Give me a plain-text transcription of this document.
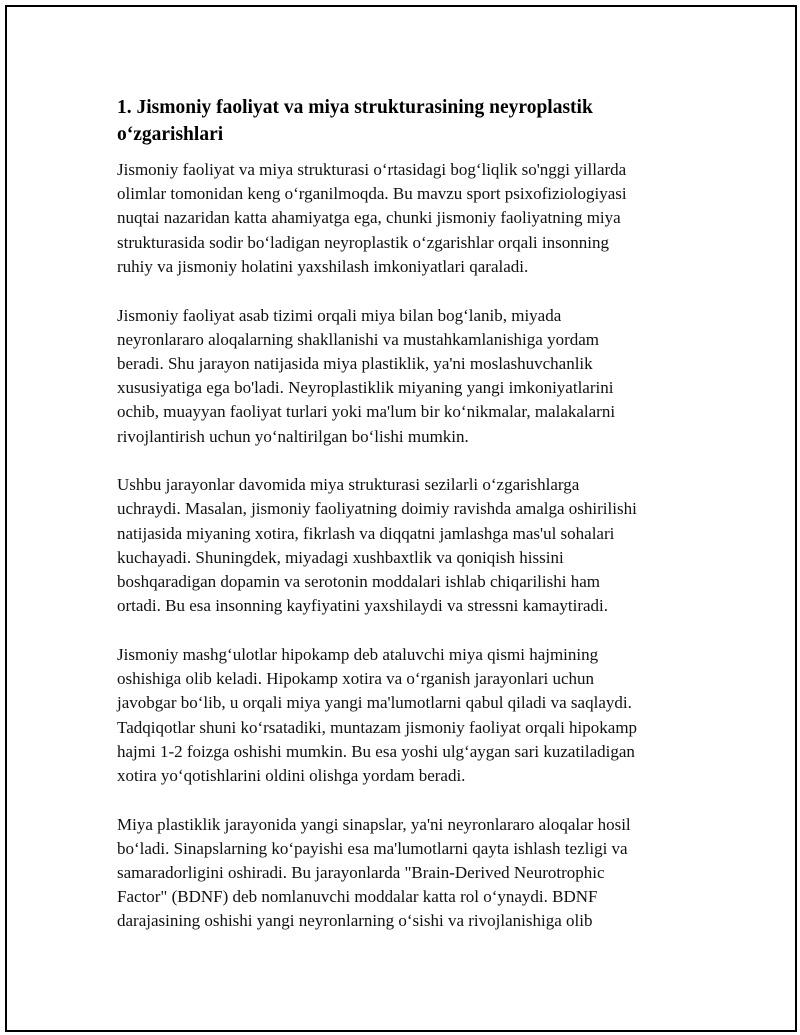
1. Jismoniy faoliyat va miya strukturasining neyroplastik
o‘zgarishlari

Jismoniy faoliyat va miya strukturasi o‘rtasidagi bog‘liqlik so'nggi yillarda
olimlar tomonidan keng o‘rganilmoqda. Bu mavzu sport psixofiziologiyasi
nuqtai nazaridan katta ahamiyatga ega, chunki jismoniy faoliyatning miya
strukturasida sodir bo‘ladigan neyroplastik o‘zgarishlar orqali insonning
ruhiy va jismoniy holatini yaxshilash imkoniyatlari qaraladi.

Jismoniy faoliyat asab tizimi orqali miya bilan bog‘lanib, miyada
neyronlararo aloqalarning shakllanishi va mustahkamlanishiga yordam
beradi. Shu jarayon natijasida miya plastiklik, ya'ni moslashuvchanlik
xususiyatiga ega bo'ladi. Neyroplastiklik miyaning yangi imkoniyatlarini
ochib, muayyan faoliyat turlari yoki ma'lum bir ko‘nikmalar, malakalarni
rivojlantirish uchun yo‘naltirilgan bo‘lishi mumkin.

Ushbu jarayonlar davomida miya strukturasi sezilarli o‘zgarishlarga
uchraydi. Masalan, jismoniy faoliyatning doimiy ravishda amalga oshirilishi
natijasida miyaning xotira, fikrlash va diqqatni jamlashga mas'ul sohalari
kuchayadi. Shuningdek, miyadagi xushbaxtlik va qoniqish hissini
boshqaradigan dopamin va serotonin moddalari ishlab chiqarilishi ham
ortadi. Bu esa insonning kayfiyatini yaxshilaydi va stressni kamaytiradi.

Jismoniy mashg‘ulotlar hipokamp deb ataluvchi miya qismi hajmining
oshishiga olib keladi. Hipokamp xotira va o‘rganish jarayonlari uchun
javobgar bo‘lib, u orqali miya yangi ma'lumotlarni qabul qiladi va saqlaydi.
Tadqiqotlar shuni ko‘rsatadiki, muntazam jismoniy faoliyat orqali hipokamp
hajmi 1-2 foizga oshishi mumkin. Bu esa yoshi ulg‘aygan sari kuzatiladigan
xotira yo‘qotishlarini oldini olishga yordam beradi.

Miya plastiklik jarayonida yangi sinapslar, ya'ni neyronlararo aloqalar hosil
bo‘ladi. Sinapslarning ko‘payishi esa ma'lumotlarni qayta ishlash tezligi va
samaradorligini oshiradi. Bu jarayonlarda "Brain-Derived Neurotrophic
Factor" (BDNF) deb nomlanuvchi moddalar katta rol o‘ynaydi. BDNF
darajasining oshishi yangi neyronlarning o‘sishi va rivojlanishiga olib
